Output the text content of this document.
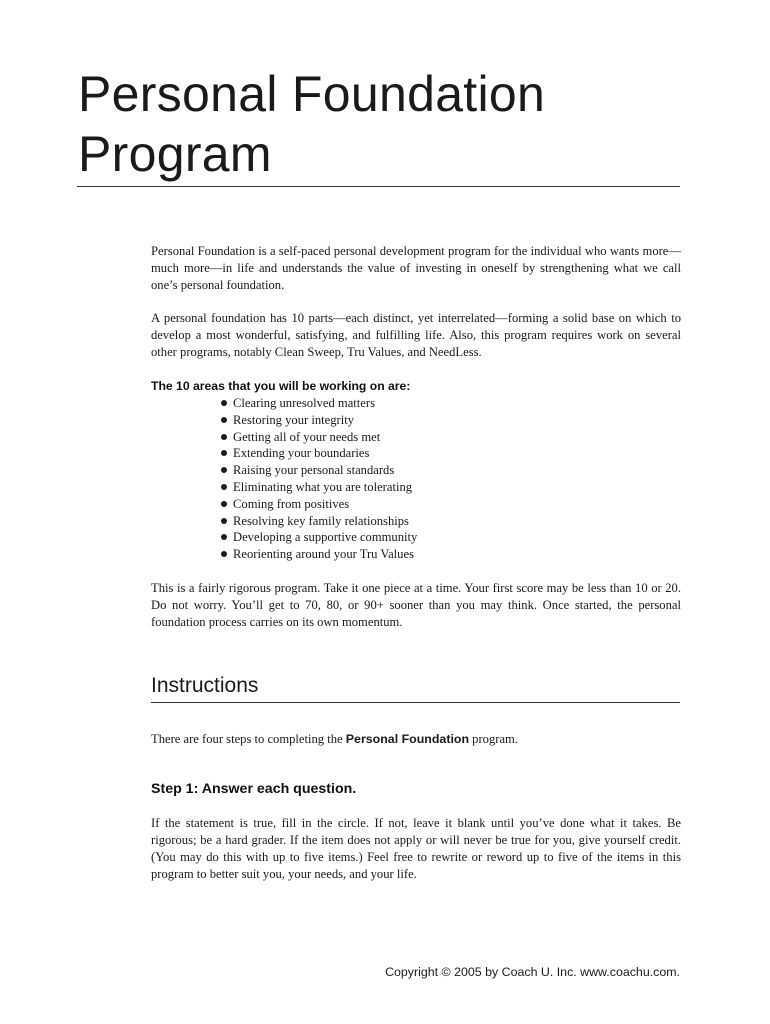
Personal Foundation Program

Personal Foundation is a self-paced personal development program for the individual who wants more—much more—in life and understands the value of investing in oneself by strengthening what we call one’s personal foundation.

A personal foundation has 10 parts—each distinct, yet interrelated—forming a solid base on which to develop a most wonderful, satisfying, and fulfilling life. Also, this program requires work on several other programs, notably Clean Sweep, Tru Values, and NeedLess.

The 10 areas that you will be working on are:

Clearing unresolved matters
Restoring your integrity
Getting all of your needs met
Extending your boundaries
Raising your personal standards
Eliminating what you are tolerating
Coming from positives
Resolving key family relationships
Developing a supportive community
Reorienting around your Tru Values

This is a fairly rigorous program. Take it one piece at a time. Your first score may be less than 10 or 20. Do not worry. You’ll get to 70, 80, or 90+ sooner than you may think. Once started, the personal foundation process carries on its own momentum.

Instructions

There are four steps to completing the Personal Foundation program.

Step 1: Answer each question.

If the statement is true, fill in the circle. If not, leave it blank until you’ve done what it takes. Be rigorous; be a hard grader. If the item does not apply or will never be true for you, give yourself credit. (You may do this with up to five items.) Feel free to rewrite or reword up to five of the items in this program to better suit you, your needs, and your life.

Copyright © 2005 by Coach U. Inc. www.coachu.com.
